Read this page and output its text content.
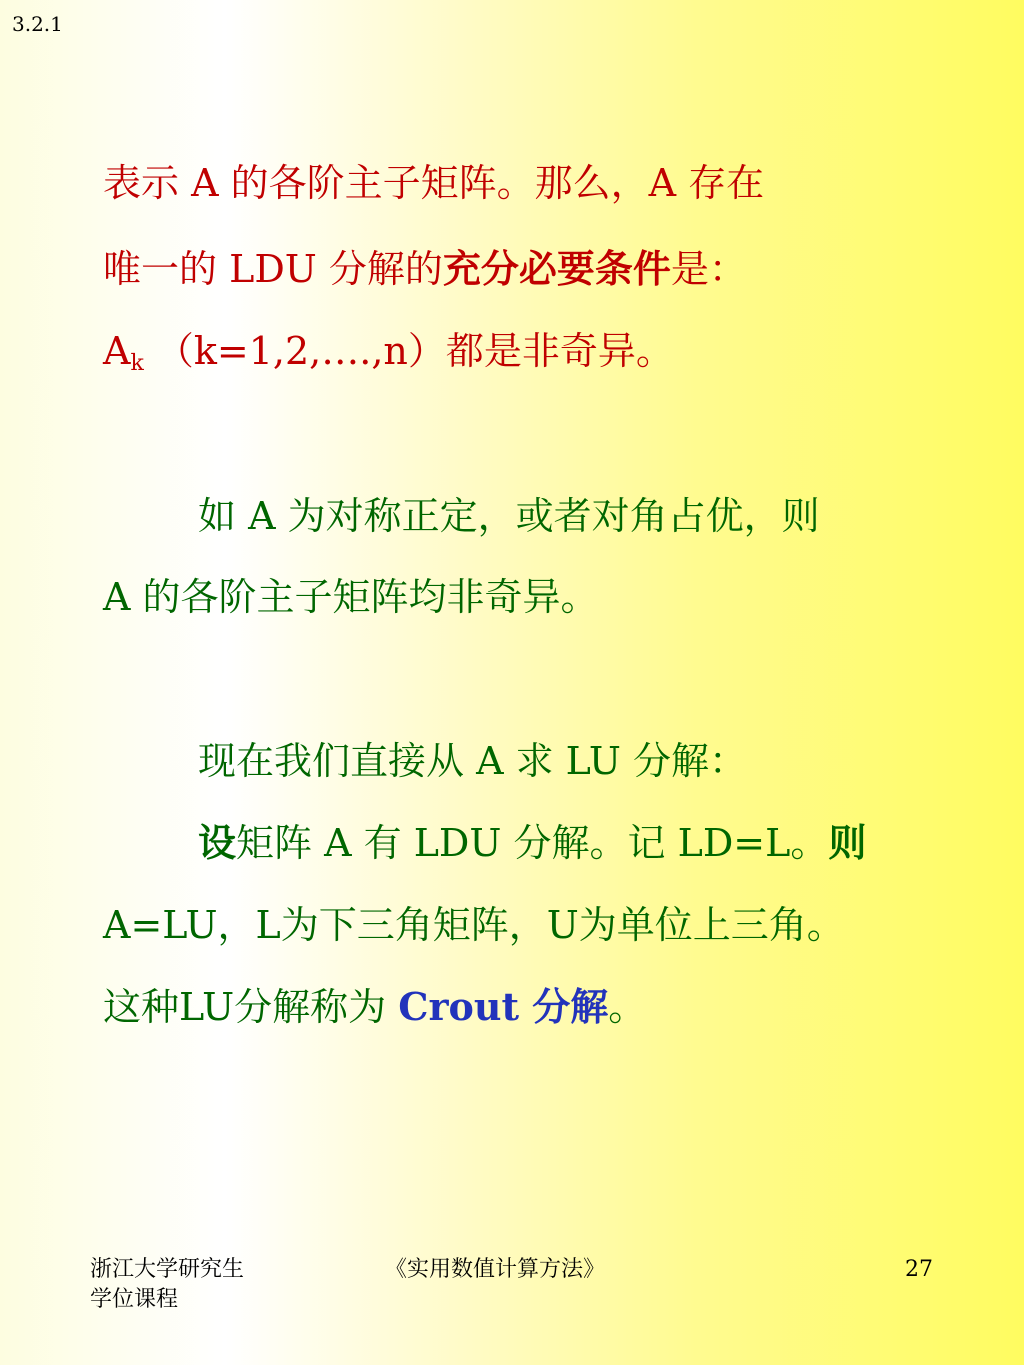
3.2.1
表示 A 的各阶主子矩阵。那么，A 存在
唯一的 LDU 分解的充分必要条件是：
$A_k$ （k=1,2,….,n）都是非奇异。
如 A 为对称正定，或者对角占优，则
A 的各阶主子矩阵均非奇异。
现在我们直接从 A 求 LU 分解：
设矩阵 A 有 LDU 分解。记 LD=L。则
A=LU，L为下三角矩阵，U为单位上三角。
这种LU分解称为 Crout 分解。
浙江大学研究生
学位课程
《实用数值计算方法》	27
